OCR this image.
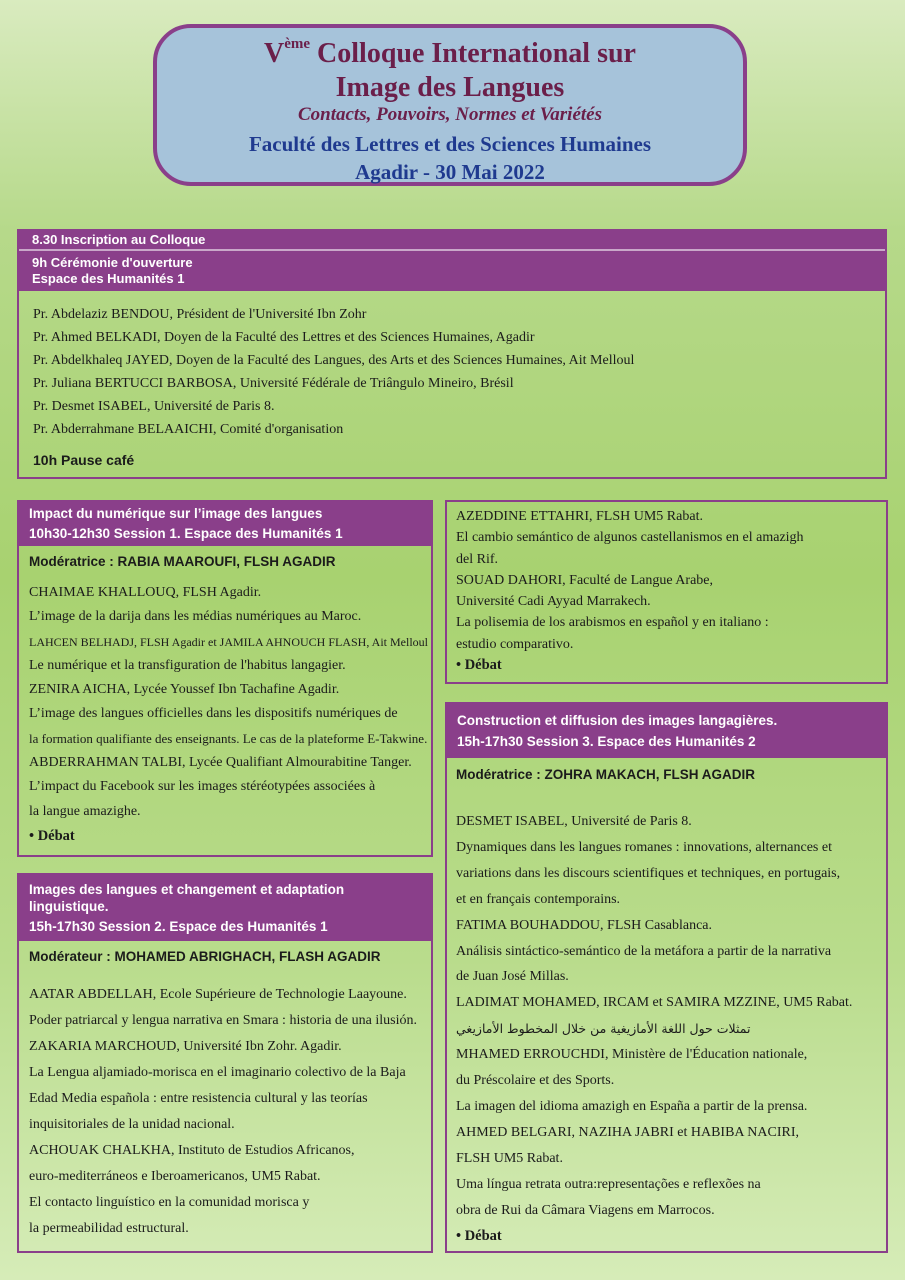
Vème Colloque International sur
Image des Langues
Contacts, Pouvoirs, Normes et Variétés
Faculté des Lettres et des Sciences Humaines
Agadir - 30 Mai 2022
8.30 Inscription au Colloque
9h Cérémonie d'ouverture
Espace des Humanités 1
Pr. Abdelaziz BENDOU, Président de l'Université Ibn Zohr
Pr. Ahmed BELKADI, Doyen de la Faculté des Lettres et des Sciences Humaines, Agadir
Pr. Abdelkhaleq JAYED, Doyen de la Faculté des Langues, des Arts et des Sciences Humaines, Ait Melloul
Pr. Juliana BERTUCCI BARBOSA, Université Fédérale de Triângulo Mineiro, Brésil
Pr. Desmet ISABEL, Université de Paris 8.
Pr. Abderrahmane BELAAICHI, Comité d'organisation
10h Pause café
Impact du numérique sur l’image des langues
10h30-12h30 Session 1. Espace des Humanités 1
Modératrice : RABIA MAAROUFI, FLSH AGADIR
CHAIMAE KHALLOUQ, FLSH Agadir.
L’image de la darija dans les médias numériques au Maroc.
LAHCEN BELHADJ, FLSH Agadir et JAMILA AHNOUCH FLASH, Ait Melloul
Le numérique et la transfiguration de l'habitus langagier.
ZENIRA AICHA, Lycée Youssef Ibn Tachafine Agadir.
L’image des langues officielles dans les dispositifs numériques de
la formation qualifiante des enseignants. Le cas de la plateforme E-Takwine.
ABDERRAHMAN TALBI, Lycée Qualifiant Almourabitine Tanger.
L’impact du Facebook sur les images stéréotypées associées à
la langue amazighe.
• Débat
AZEDDINE ETTAHRI, FLSH UM5 Rabat.
El cambio semántico de algunos castellanismos en el amazigh
del Rif.
SOUAD DAHORI, Faculté de Langue Arabe,
Université Cadi Ayyad Marrakech.
La polisemia de los arabismos en español y en italiano :
estudio comparativo.
• Débat
Images des langues et changement et adaptation linguistique.
15h-17h30 Session 2. Espace des Humanités 1
Modérateur : MOHAMED ABRIGHACH, FLASH AGADIR
AATAR ABDELLAH, Ecole Supérieure de Technologie Laayoune.
Poder patriarcal y lengua narrativa en Smara : historia de una ilusión.
ZAKARIA MARCHOUD, Université Ibn Zohr. Agadir.
La Lengua aljamiado-morisca en el imaginario colectivo de la Baja
Edad Media española : entre resistencia cultural y las teorías
inquisitoriales de la unidad nacional.
ACHOUAK CHALKHA, Instituto de Estudios Africanos,
euro-mediterráneos e Iberoamericanos, UM5 Rabat.
El contacto linguístico en la comunidad morisca y
la permeabilidad estructural.
Construction et diffusion des images langagières.
15h-17h30 Session 3. Espace des Humanités 2
Modératrice : ZOHRA MAKACH, FLSH AGADIR
DESMET ISABEL, Université de Paris 8.
Dynamiques dans les langues romanes : innovations, alternances et
variations dans les discours scientifiques et techniques, en portugais,
et en français contemporains.
FATIMA BOUHADDOU, FLSH Casablanca.
Análisis sintáctico-semántico de la metáfora a partir de la narrativa
de Juan José Millas.
LADIMAT MOHAMED, IRCAM et SAMIRA MZZINE, UM5 Rabat.
تمثلات حول اللغة الأمازيغية من خلال المخطوط الأمازيغي
MHAMED ERROUCHDI, Ministère de l'Éducation nationale,
du Préscolaire et des Sports.
La imagen del idioma amazigh en España a partir de la prensa.
AHMED BELGARI, NAZIHA JABRI et HABIBA NACIRI,
FLSH UM5 Rabat.
Uma língua retrata outra:representações e reflexões na
obra de Rui da Câmara Viagens em Marrocos.
• Débat
